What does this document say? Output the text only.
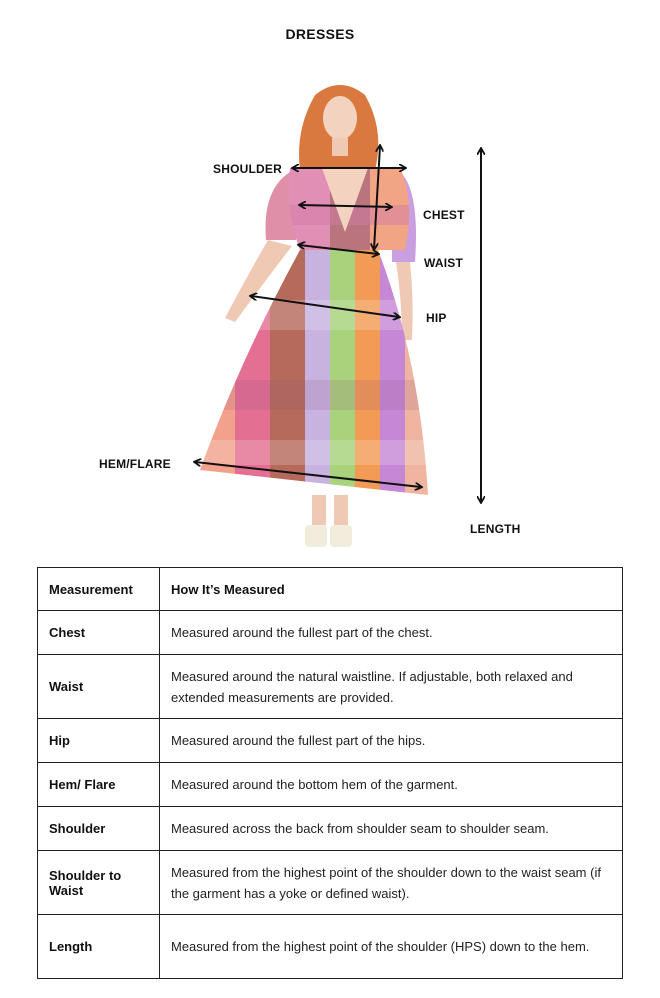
DRESSES
SHOULDER
CHEST
WAIST
HIP
HEM/FLARE
LENGTH
Measurement	How It’s Measured
Chest	Measured around the fullest part of the chest.
Waist	Measured around the natural waistline. If adjustable, both relaxed and extended measurements are provided.
Hip	Measured around the fullest part of the hips.
Hem/ Flare	Measured around the bottom hem of the garment.
Shoulder	Measured across the back from shoulder seam to shoulder seam.
Shoulder to Waist	Measured from the highest point of the shoulder down to the waist seam (if the garment has a yoke or defined waist).
Length	Measured from the highest point of the shoulder (HPS) down to the hem.
